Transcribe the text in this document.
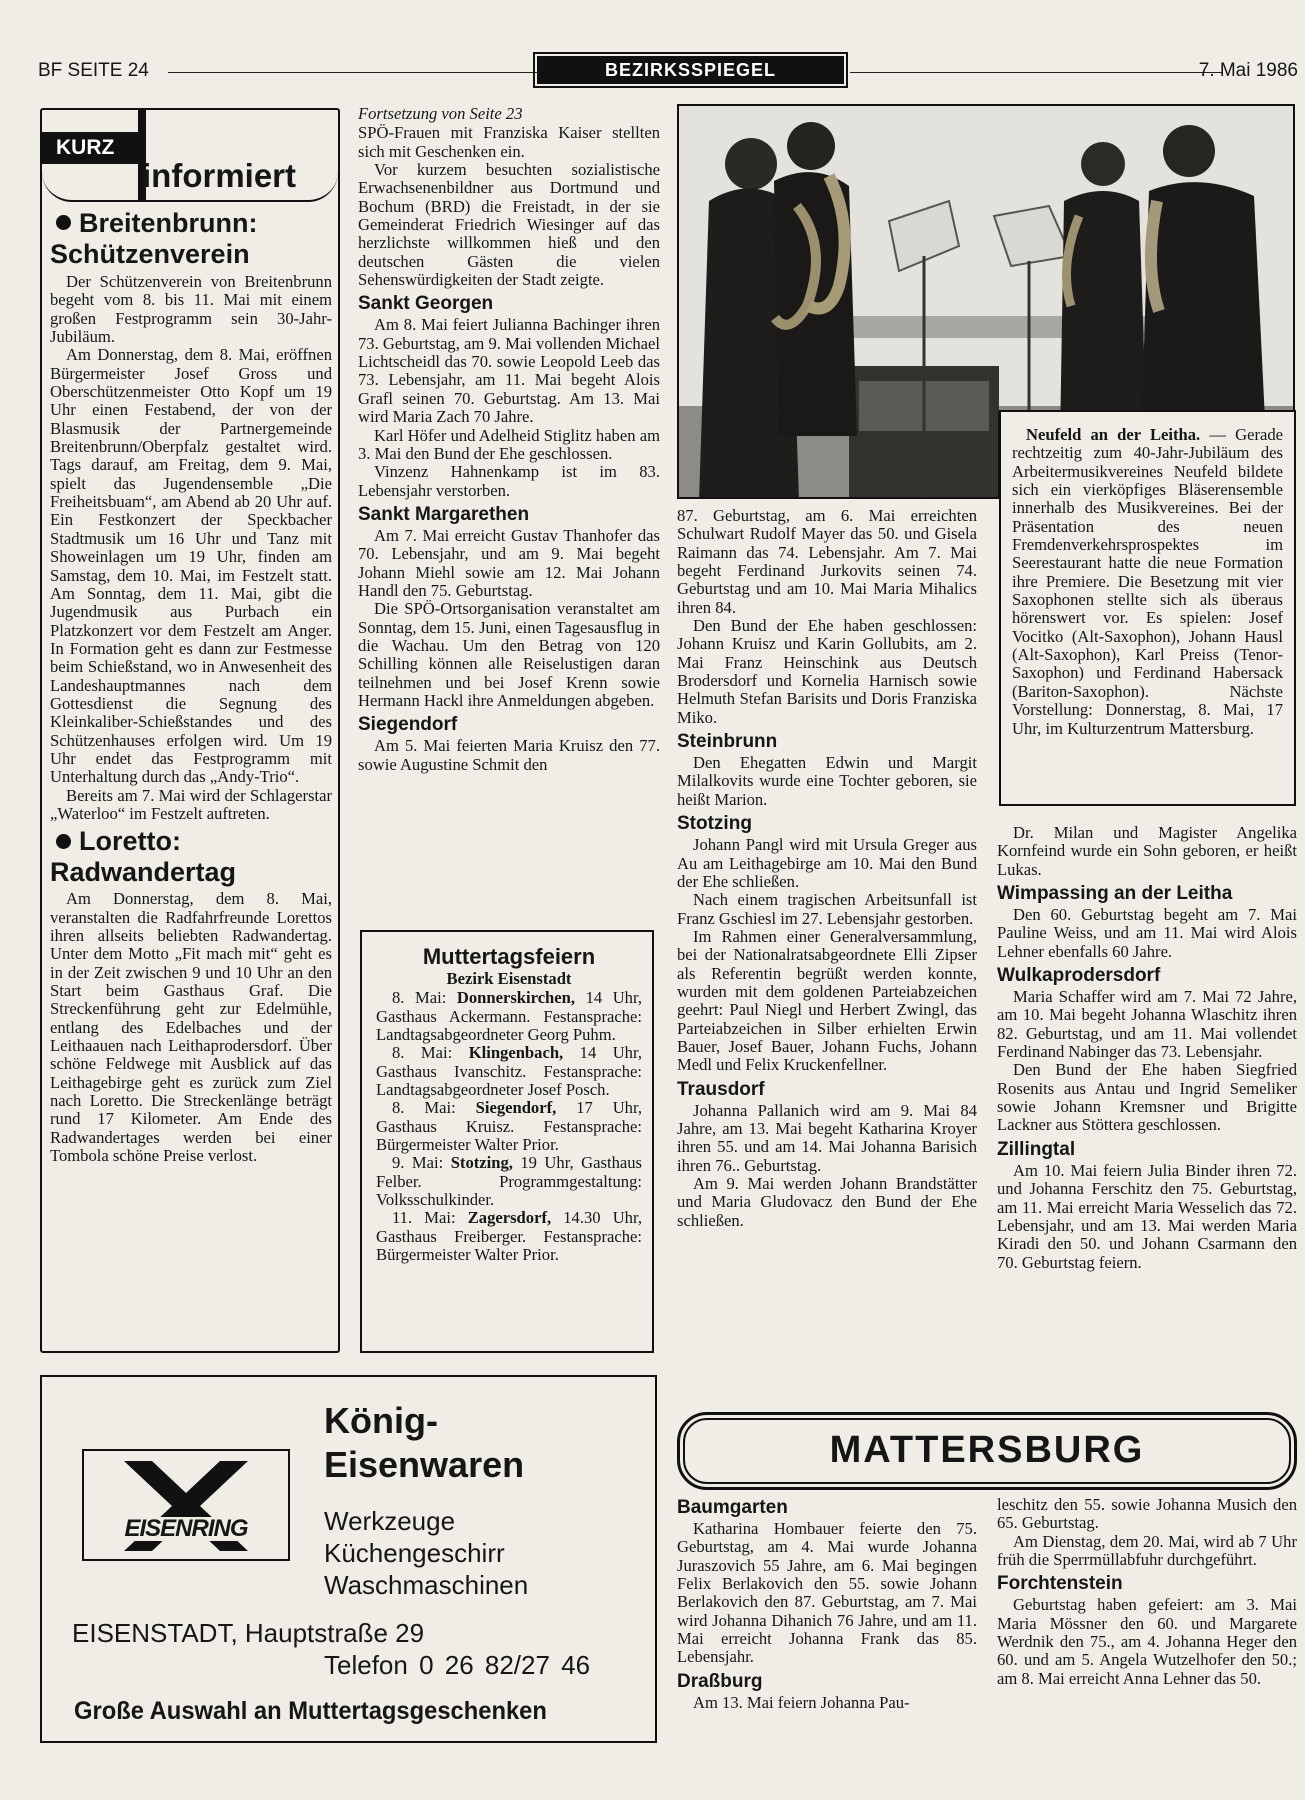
BF SEITE 24	BEZIRKSSPIEGEL	7. Mai 1986
KURZ
informiert
Breitenbrunn: Schützenverein

Der Schützenverein von Breitenbrunn begeht vom 8. bis 11. Mai mit einem großen Festprogramm sein 30-Jahr-Jubiläum.

Am Donnerstag, dem 8. Mai, eröffnen Bürgermeister Josef Gross und Oberschützenmeister Otto Kopf um 19 Uhr einen Festabend, der von der Blasmusik der Partnergemeinde Breitenbrunn/Oberpfalz gestaltet wird. Tags darauf, am Freitag, dem 9. Mai, spielt das Jugendensemble „Die Freiheitsbuam“, am Abend ab 20 Uhr auf. Ein Festkonzert der Speckbacher Stadtmusik um 16 Uhr und Tanz mit Showeinlagen um 19 Uhr, finden am Samstag, dem 10. Mai, im Festzelt statt. Am Sonntag, dem 11. Mai, gibt die Jugendmusik aus Purbach ein Platzkonzert vor dem Festzelt am Anger. In Formation geht es dann zur Festmesse beim Schießstand, wo in Anwesenheit des Landeshauptmannes nach dem Gottesdienst die Segnung des Kleinkaliber-Schießstandes und des Schützenhauses erfolgen wird. Um 19 Uhr endet das Festprogramm mit Unterhaltung durch das „Andy-Trio“.

Bereits am 7. Mai wird der Schlagerstar „Waterloo“ im Festzelt auftreten.

Loretto: Radwandertag

Am Donnerstag, dem 8. Mai, veranstalten die Radfahrfreunde Lorettos ihren allseits beliebten Radwandertag. Unter dem Motto „Fit mach mit“ geht es in der Zeit zwischen 9 und 10 Uhr an den Start beim Gasthaus Graf. Die Streckenführung geht zur Edelmühle, entlang des Edelbaches und der Leithaauen nach Leithaprodersdorf. Über schöne Feldwege mit Ausblick auf das Leithagebirge geht es zurück zum Ziel nach Loretto. Die Streckenlänge beträgt rund 17 Kilometer. Am Ende des Radwandertages werden bei einer Tombola schöne Preise verlost.

Fortsetzung von Seite 23

SPÖ-Frauen mit Franziska Kaiser stellten sich mit Geschenken ein.

Vor kurzem besuchten sozialistische Erwachsenenbildner aus Dortmund und Bochum (BRD) die Freistadt, in der sie Gemeinderat Friedrich Wiesinger auf das herzlichste willkommen hieß und den deutschen Gästen die vielen Sehenswürdigkeiten der Stadt zeigte.

Sankt Georgen

Am 8. Mai feiert Julianna Bachinger ihren 73. Geburtstag, am 9. Mai vollenden Michael Lichtscheidl das 70. sowie Leopold Leeb das 73. Lebensjahr, am 11. Mai begeht Alois Grafl seinen 70. Geburtstag. Am 13. Mai wird Maria Zach 70 Jahre.

Karl Höfer und Adelheid Stiglitz haben am 3. Mai den Bund der Ehe geschlossen.

Vinzenz Hahnenkamp ist im 83. Lebensjahr verstorben.

Sankt Margarethen

Am 7. Mai erreicht Gustav Thanhofer das 70. Lebensjahr, und am 9. Mai begeht Johann Miehl sowie am 12. Mai Johann Handl den 75. Geburtstag.

Die SPÖ-Ortsorganisation veranstaltet am Sonntag, dem 15. Juni, einen Tagesausflug in die Wachau. Um den Betrag von 120 Schilling können alle Reiselustigen daran teilnehmen und bei Josef Krenn sowie Hermann Hackl ihre Anmeldungen abgeben.

Siegendorf

Am 5. Mai feierten Maria Kruisz den 77. sowie Augustine Schmit den

Muttertagsfeiern
Bezirk Eisenstadt

8. Mai: Donnerskirchen, 14 Uhr, Gasthaus Ackermann. Festansprache: Landtagsabgeordneter Georg Puhm.

8. Mai: Klingenbach, 14 Uhr, Gasthaus Ivanschitz. Festansprache: Landtagsabgeordneter Josef Posch.

8. Mai: Siegendorf, 17 Uhr, Gasthaus Kruisz. Festansprache: Bürgermeister Walter Prior.

9. Mai: Stotzing, 19 Uhr, Gasthaus Felber. Programmgestaltung: Volksschulkinder.

11. Mai: Zagersdorf, 14.30 Uhr, Gasthaus Freiberger. Festansprache: Bürgermeister Walter Prior.

Neufeld an der Leitha. — Gerade rechtzeitig zum 40-Jahr-Jubiläum des Arbeitermusikvereines Neufeld bildete sich ein vierköpfiges Bläserensemble innerhalb des Musikvereines. Bei der Präsentation des neuen Fremdenverkehrsprospektes im Seerestaurant hatte die neue Formation ihre Premiere. Die Besetzung mit vier Saxophonen stellte sich als überaus hörenswert vor. Es spielen: Josef Vocitko (Alt-Saxophon), Johann Hausl (Alt-Saxophon), Karl Preiss (Tenor-Saxophon) und Ferdinand Habersack (Bariton-Saxophon). Nächste Vorstellung: Donnerstag, 8. Mai, 17 Uhr, im Kulturzentrum Mattersburg.

87. Geburtstag, am 6. Mai erreichten Schulwart Rudolf Mayer das 50. und Gisela Raimann das 74. Lebensjahr. Am 7. Mai begeht Ferdinand Jurkovits seinen 74. Geburtstag und am 10. Mai Maria Mihalics ihren 84.

Den Bund der Ehe haben geschlossen: Johann Kruisz und Karin Gollubits, am 2. Mai Franz Heinschink aus Deutsch Brodersdorf und Kornelia Harnisch sowie Helmuth Stefan Barisits und Doris Franziska Miko.

Steinbrunn

Den Ehegatten Edwin und Margit Milalkovits wurde eine Tochter geboren, sie heißt Marion.

Stotzing

Johann Pangl wird mit Ursula Greger aus Au am Leithagebirge am 10. Mai den Bund der Ehe schließen.

Nach einem tragischen Arbeitsunfall ist Franz Gschiesl im 27. Lebensjahr gestorben.

Im Rahmen einer Generalversammlung, bei der Nationalratsabgeordnete Elli Zipser als Referentin begrüßt werden konnte, wurden mit dem goldenen Parteiabzeichen geehrt: Paul Niegl und Herbert Zwingl, das Parteiabzeichen in Silber erhielten Erwin Bauer, Josef Bauer, Johann Fuchs, Johann Medl und Felix Kruckenfellner.

Trausdorf

Johanna Pallanich wird am 9. Mai 84 Jahre, am 13. Mai begeht Katharina Kroyer ihren 55. und am 14. Mai Johanna Barisich ihren 76.. Geburtstag.

Am 9. Mai werden Johann Brandstätter und Maria Gludovacz den Bund der Ehe schließen.

Dr. Milan und Magister Angelika Kornfeind wurde ein Sohn geboren, er heißt Lukas.

Wimpassing an der Leitha

Den 60. Geburtstag begeht am 7. Mai Pauline Weiss, und am 11. Mai wird Alois Lehner ebenfalls 60 Jahre.

Wulkaprodersdorf

Maria Schaffer wird am 7. Mai 72 Jahre, am 10. Mai begeht Johanna Wlaschitz ihren 82. Geburtstag, und am 11. Mai vollendet Ferdinand Nabinger das 73. Lebensjahr.

Den Bund der Ehe haben Siegfried Rosenits aus Antau und Ingrid Semeliker sowie Johann Kremsner und Brigitte Lackner aus Stöttera geschlossen.

Zillingtal

Am 10. Mai feiern Julia Binder ihren 72. und Johanna Ferschitz den 75. Geburtstag, am 11. Mai erreicht Maria Wesselich das 72. Lebensjahr, und am 13. Mai werden Maria Kiradi den 50. und Johann Csarmann den 70. Geburtstag feiern.

EISENRING
König-
Eisenwaren
Werkzeuge
Küchengeschirr
Waschmaschinen
EISENSTADT, Hauptstraße 29
Telefon 0 26 82/27 46
Große Auswahl an Muttertagsgeschenken
MATTERSBURG
Baumgarten

Katharina Hombauer feierte den 75. Geburtstag, am 4. Mai wurde Johanna Juraszovich 55 Jahre, am 6. Mai begingen Felix Berlakovich den 55. sowie Johann Berlakovich den 87. Geburtstag, am 7. Mai wird Johanna Dihanich 76 Jahre, und am 11. Mai erreicht Johanna Frank das 85. Lebensjahr.

Draßburg

Am 13. Mai feiern Johanna Pau-

leschitz den 55. sowie Johanna Musich den 65. Geburtstag.

Am Dienstag, dem 20. Mai, wird ab 7 Uhr früh die Sperrmüllabfuhr durchgeführt.

Forchtenstein

Geburtstag haben gefeiert: am 3. Mai Maria Mössner den 60. und Margarete Werdnik den 75., am 4. Johanna Heger den 60. und am 5. Angela Wutzelhofer den 50.; am 8. Mai erreicht Anna Lehner das 50.
